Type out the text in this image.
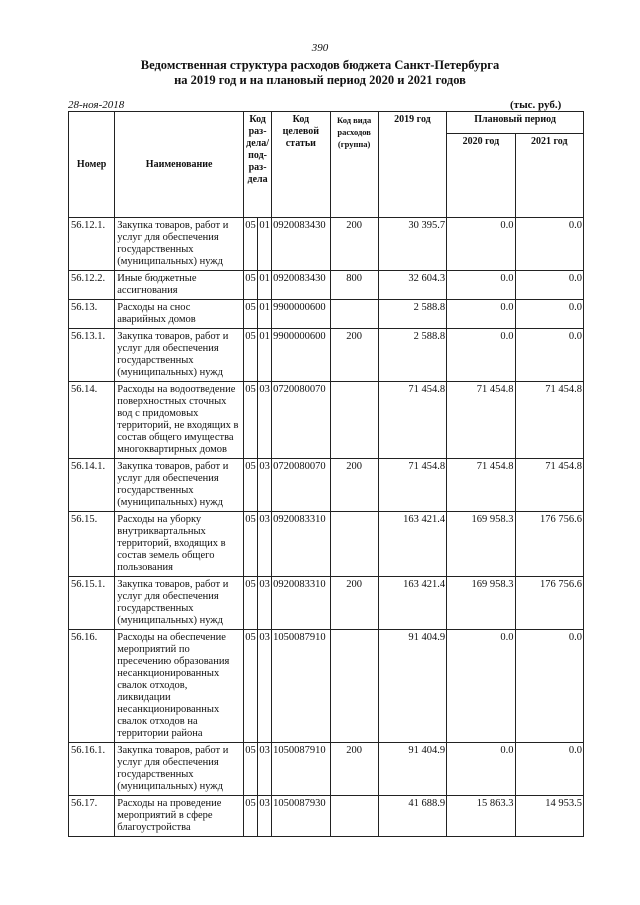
390
Ведомственная структура расходов бюджета Санкт-Петербурга
на 2019 год и на плановый период 2020 и 2021 годов
28-ноя-2018	(тыс. руб.)
Номер	Наименование	Код раз-дела/ под-раз-дела		Код целевой статьи	Код вида расходов (группа)	2019 год	Плановый период	
							2020 год	2021 год
56.12.1.	Закупка товаров, работ и услуг для обеспечения государственных (муниципальных) нужд	05	01	0920083430	200	30 395.7	0.0	0.0
56.12.2.	Иные бюджетные ассигнования	05	01	0920083430	800	32 604.3	0.0	0.0
56.13.	Расходы на снос аварийных домов	05	01	9900000600		2 588.8	0.0	0.0
56.13.1.	Закупка товаров, работ и услуг для обеспечения государственных (муниципальных) нужд	05	01	9900000600	200	2 588.8	0.0	0.0
56.14.	Расходы на водоотведение поверхностных сточных вод с придомовых территорий, не входящих в состав общего имущества многоквартирных домов	05	03	0720080070		71 454.8	71 454.8	71 454.8
56.14.1.	Закупка товаров, работ и услуг для обеспечения государственных (муниципальных) нужд	05	03	0720080070	200	71 454.8	71 454.8	71 454.8
56.15.	Расходы на уборку внутриквартальных территорий, входящих в состав земель общего пользования	05	03	0920083310		163 421.4	169 958.3	176 756.6
56.15.1.	Закупка товаров, работ и услуг для обеспечения государственных (муниципальных) нужд	05	03	0920083310	200	163 421.4	169 958.3	176 756.6
56.16.	Расходы на обеспечение мероприятий по пресечению образования несанкционированных свалок отходов, ликвидации несанкционированных свалок отходов на территории района	05	03	1050087910		91 404.9	0.0	0.0
56.16.1.	Закупка товаров, работ и услуг для обеспечения государственных (муниципальных) нужд	05	03	1050087910	200	91 404.9	0.0	0.0
56.17.	Расходы на проведение мероприятий в сфере благоустройства	05	03	1050087930		41 688.9	15 863.3	14 953.5
